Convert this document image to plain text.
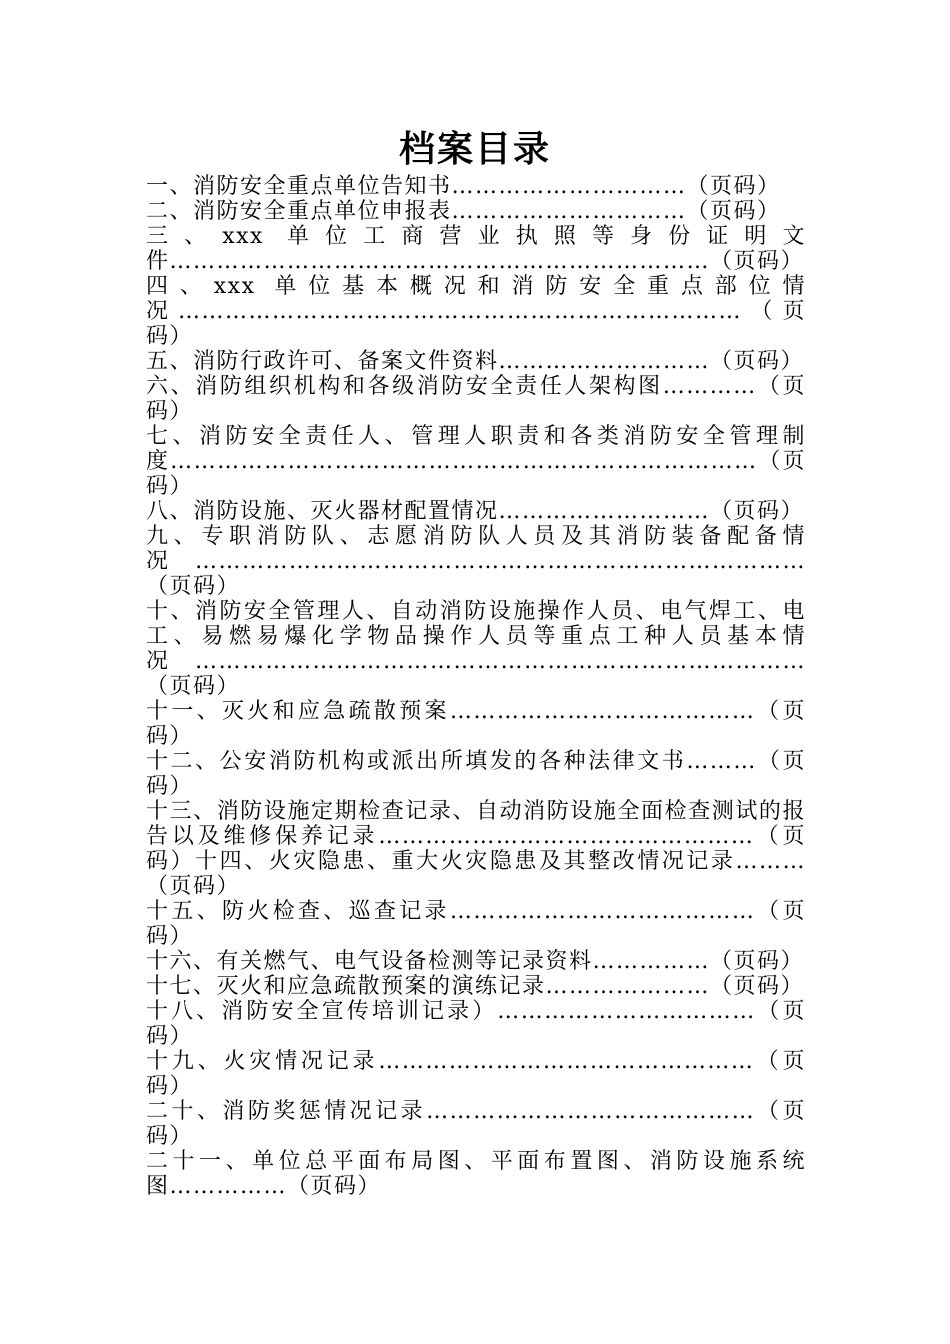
档案目录
一、消防安全重点单位告知书…………………………（页码）
二、消防安全重点单位申报表…………………………（页码）
三、xxx 单位工商营业执照等身份证明文件……………………………………………………………（页码）
四、xxx 单位基本概况和消防安全重点部位情况………………………………………………………………（页码）
五、消防行政许可、备案文件资料………………………（页码）
六、消防组织机构和各级消防安全责任人架构图…………（页码）
七、消防安全责任人、管理人职责和各类消防安全管理制度…………………………………………………………………（页码）
八、消防设施、灭火器材配置情况………………………（页码）
九、专职消防队、志愿消防队人员及其消防装备配备情况……………………………………………………………………（页码）
十、消防安全管理人、自动消防设施操作人员、电气焊工、电工、易燃易爆化学物品操作人员等重点工种人员基本情况……………………………………………………………………（页码）
十一、灭火和应急疏散预案…………………………………（页码）
十二、公安消防机构或派出所填发的各种法律文书………（页码）
十三、消防设施定期检查记录、自动消防设施全面检查测试的报告以及维修保养记录…………………………………………（页码）十四、火灾隐患、重大火灾隐患及其整改情况记录………（页码）
十五、防火检查、巡查记录…………………………………（页码）
十六、有关燃气、电气设备检测等记录资料……………（页码）
十七、灭火和应急疏散预案的演练记录…………………（页码）
十八、消防安全宣传培训记录）……………………………（页码）
十九、火灾情况记录…………………………………………（页码）
二十、消防奖惩情况记录……………………………………（页码）
二十一、单位总平面布局图、平面布置图、消防设施系统图……………（页码）
